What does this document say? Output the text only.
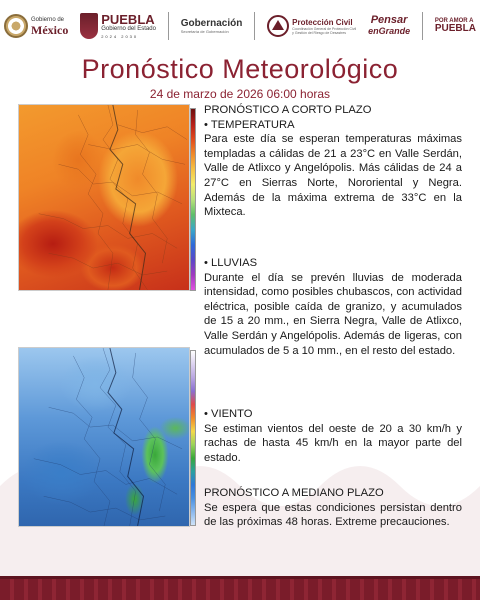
Gobierno de
México
PUEBLA
Gobierno del Estado
2024 2030
Gobernación
Secretaría de Gobernación
Protección Civil
Coordinación General de Protección Civil
y Gestión del Riesgo de Desastres
Pensar
enGrande
POR AMOR A
PUEBLA
Pronóstico Meteorológico
24 de marzo de 2026 06:00 horas

PRONÓSTICO A CORTO PLAZO

• TEMPERATURA

Para este día se esperan temperaturas máximas templadas a cálidas de 21 a 23°C en Valle Serdán, Valle de Atlixco y Angelópolis. Más cálidas de 24 a 27°C en Sierras Norte, Nororiental y Negra. Además de la máxima extrema de 33°C en la Mixteca.

• LLUVIAS

Durante el día se prevén lluvias de moderada intensidad, como posibles chubascos, con actividad eléctrica, posible caída de granizo, y acumulados de 15 a 20 mm., en Sierra Negra, Valle de Atlixco, Valle Serdán y Angelópolis. Además de ligeras, con acumulados de 5 a 10 mm., en el resto del estado.

• VIENTO

Se estiman vientos del oeste de 20 a 30 km/h y rachas de hasta 45 km/h en la mayor parte del estado.

PRONÓSTICO A MEDIANO PLAZO

Se espera que estas condiciones persistan dentro de las próximas 48 horas. Extreme precauciones.
